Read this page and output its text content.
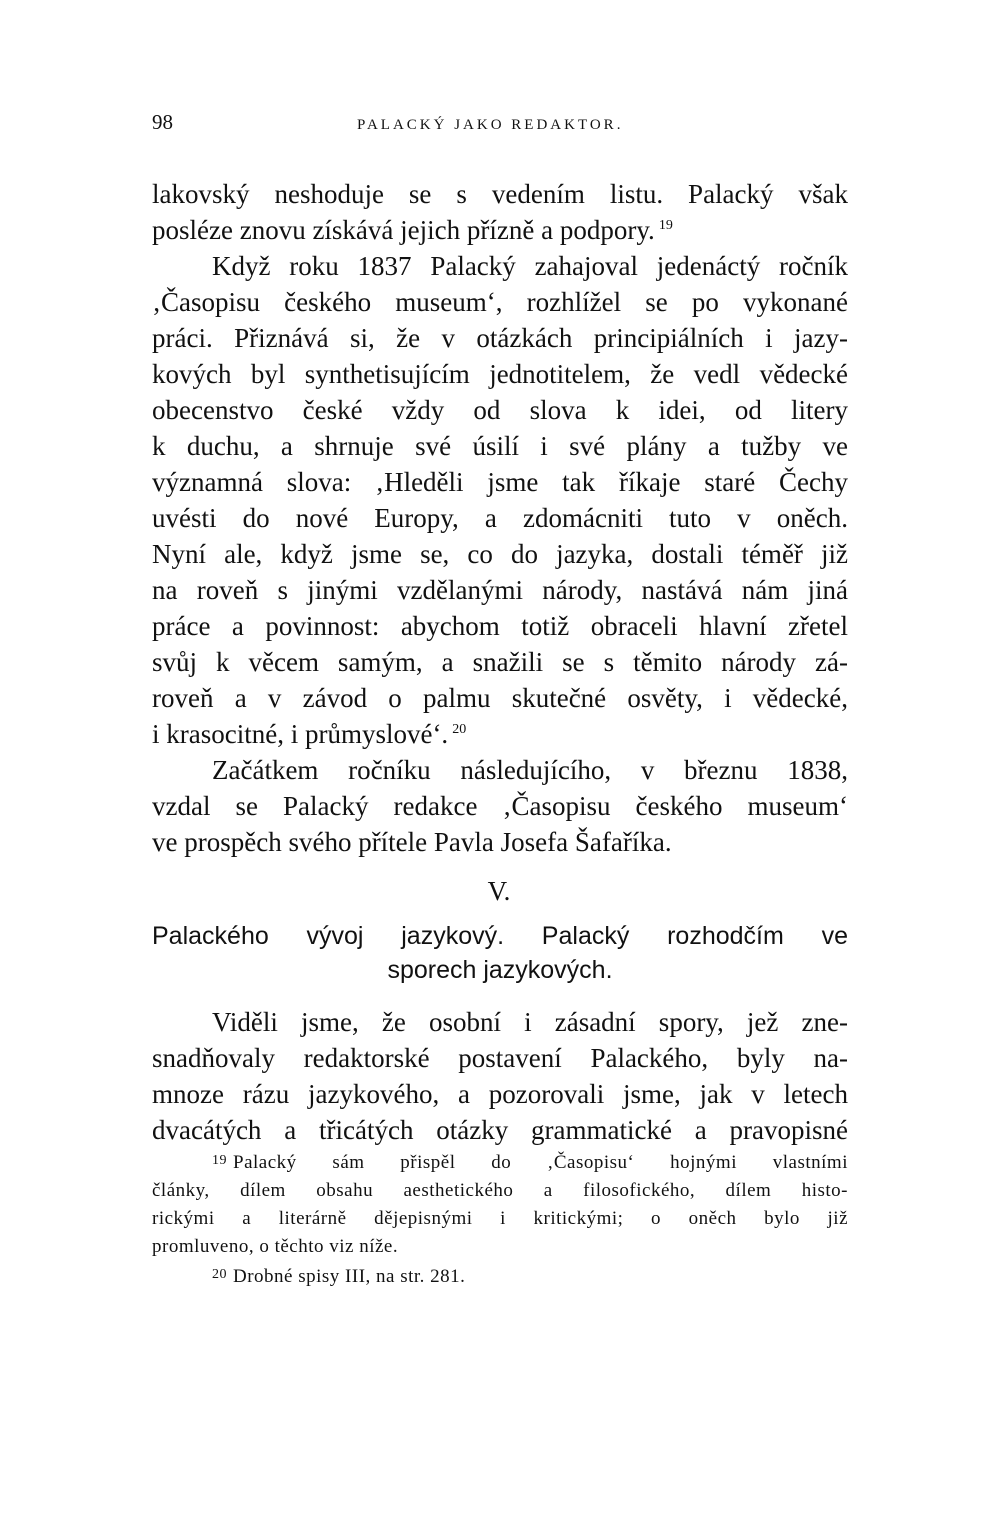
98	PALACKÝ JAKO REDAKTOR.
lakovský neshoduje se s vedením listu. Palacký však
posléze znovu získává jejich přízně a podpory. $^{19}$
Když roku 1837 Palacký zahajoval jedenáctý ročník
‚Časopisu českého museum‘, rozhlížel se po vykonané
práci. Přiznává si, že v otázkách principiálních i jazy-
kových byl synthetisujícím jednotitelem, že vedl vědecké
obecenstvo české vždy od slova k idei, od litery
k duchu, a shrnuje své úsilí i své plány a tužby ve
významná slova: ‚Hleděli jsme tak říkaje staré Čechy
uvésti do nové Europy, a zdomácniti tuto v oněch.
Nyní ale, když jsme se, co do jazyka, dostali téměř již
na roveň s jinými vzdělanými národy, nastává nám jiná
práce a povinnost: abychom totiž obraceli hlavní zřetel
svůj k věcem samým, a snažili se s těmito národy zá-
roveň a v závod o palmu skutečné osvěty, i vědecké,
i krasocitné, i průmyslové‘. $^{20}$
Začátkem ročníku následujícího, v březnu 1838,
vzdal se Palacký redakce ‚Časopisu českého museum‘
ve prospěch svého přítele Pavla Josefa Šafaříka.
V.
Palackého vývoj jazykový. Palacký rozhodčím ve
sporech jazykových.
Viděli jsme, že osobní i zásadní spory, jež zne-
snadňovaly redaktorské postavení Palackého, byly na-
mnoze rázu jazykového, a pozorovali jsme, jak v letech
dvacátých a třicátých otázky grammatické a pravopisné
$^{19}$ Palacký sám přispěl do ‚Časopisu‘ hojnými vlastními
články, dílem obsahu aesthetického a filosofického, dílem histo-
rickými a literárně dějepisnými i kritickými; o oněch bylo již
promluveno, o těchto viz níže.
$^{20}$ Drobné spisy III, na str. 281.
